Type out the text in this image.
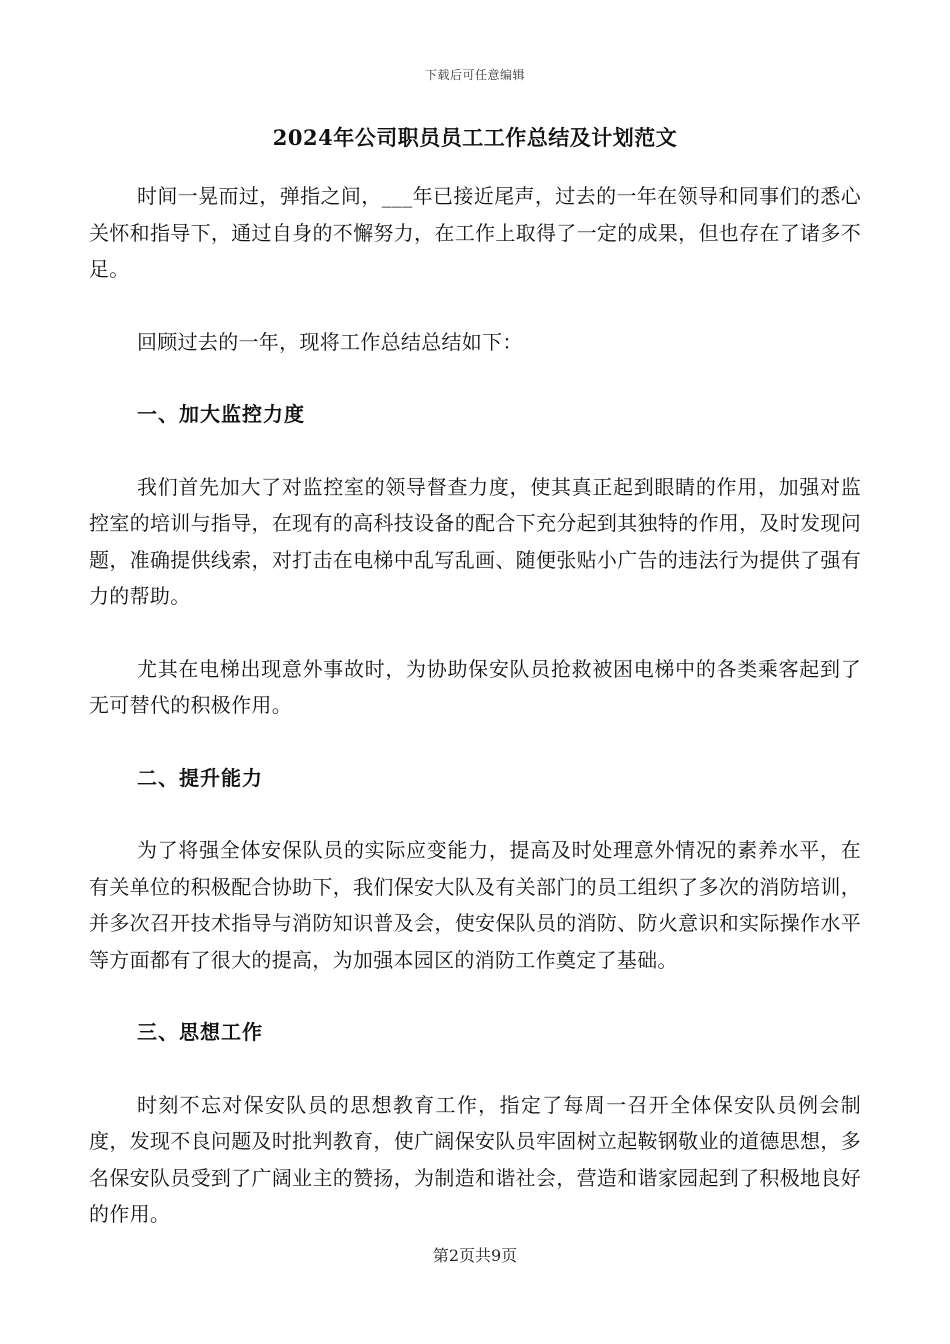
下载后可任意编辑
2024年公司职员员工工作总结及计划范文

时间一晃而过，弹指之间，___年已接近尾声，过去的一年在领导和同事们的悉心关怀和指导下，通过自身的不懈努力，在工作上取得了一定的成果，但也存在了诸多不足。

回顾过去的一年，现将工作总结总结如下：

一、加大监控力度

我们首先加大了对监控室的领导督查力度，使其真正起到眼睛的作用，加强对监控室的培训与指导，在现有的高科技设备的配合下充分起到其独特的作用，及时发现问题，准确提供线索，对打击在电梯中乱写乱画、随便张贴小广告的违法行为提供了强有力的帮助。

尤其在电梯出现意外事故时，为协助保安队员抢救被困电梯中的各类乘客起到了无可替代的积极作用。

二、提升能力

为了将强全体安保队员的实际应变能力，提高及时处理意外情况的素养水平，在有关单位的积极配合协助下，我们保安大队及有关部门的员工组织了多次的消防培训，并多次召开技术指导与消防知识普及会，使安保队员的消防、防火意识和实际操作水平等方面都有了很大的提高，为加强本园区的消防工作奠定了基础。

三、思想工作

时刻不忘对保安队员的思想教育工作，指定了每周一召开全体保安队员例会制度，发现不良问题及时批判教育，使广阔保安队员牢固树立起鞍钢敬业的道德思想，多名保安队员受到了广阔业主的赞扬，为制造和谐社会，营造和谐家园起到了积极地良好的作用。

第2页共9页
